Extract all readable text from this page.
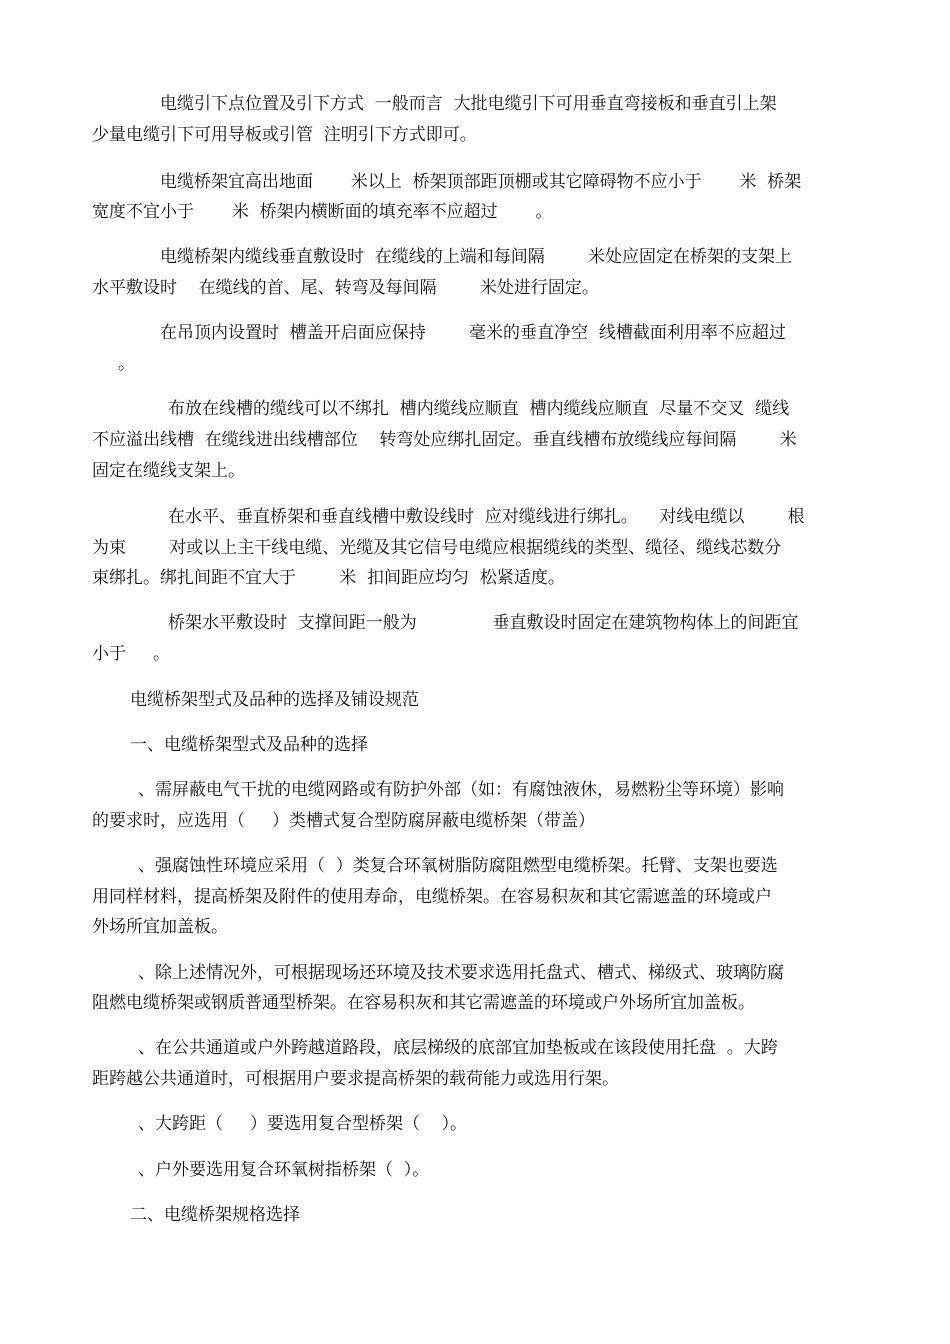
电缆引下点位置及引下方式  一般而言  大批电缆引下可用垂直弯接板和垂直引上架
少量电缆引下可用导板或引管  注明引下方式即可。
电缆桥架宜高出地面       米以上  桥架顶部距顶棚或其它障碍物不应小于       米  桥架
宽度不宜小于       米  桥架内横断面的填充率不应超过       。
电缆桥架内缆线垂直敷设时  在缆线的上端和每间隔        米处应固定在桥架的支架上
水平敷设时    在缆线的首、尾、转弯及每间隔        米处进行固定。
在吊顶内设置时  槽盖开启面应保持        毫米的垂直净空  线槽截面利用率不应超过
。
布放在线槽的缆线可以不绑扎  槽内缆线应顺直  槽内缆线应顺直  尽量不交叉  缆线
不应溢出线槽  在缆线进出线槽部位    转弯处应绑扎固定。垂直线槽布放缆线应每间隔        米
固定在缆线支架上。
在水平、垂直桥架和垂直线槽中敷设线时  应对缆线进行绑扎。    对线电缆以        根
为束        对或以上主干线电缆、光缆及其它信号电缆应根据缆线的类型、缆径、缆线芯数分
束绑扎。绑扎间距不宜大于        米  扣间距应均匀  松紧适度。
桥架水平敷设时  支撑间距一般为              垂直敷设时固定在建筑物构体上的间距宜
小于     。
电缆桥架型式及品种的选择及铺设规范
一、电缆桥架型式及品种的选择
、需屏蔽电气干扰的电缆网路或有防护外部（如：有腐蚀液休，易燃粉尘等环境）影响
的要求时，应选用（     ）类槽式复合型防腐屏蔽电缆桥架（带盖）
、强腐蚀性环境应采用（  ）类复合环氧树脂防腐阻燃型电缆桥架。托臂、支架也要选
用同样材料，提高桥架及附件的使用寿命，电缆桥架。在容易积灰和其它需遮盖的环境或户
外场所宜加盖板。
、除上述情况外，可根据现场还环境及技术要求选用托盘式、槽式、梯级式、玻璃防腐
阻燃电缆桥架或钢质普通型桥架。在容易积灰和其它需遮盖的环境或户外场所宜加盖板。
、在公共通道或户外跨越道路段，底层梯级的底部宜加垫板或在该段使用托盘  。大跨
距跨越公共通道时，可根据用户要求提高桥架的载荷能力或选用行架。
、大跨距（     ）要选用复合型桥架（    ）。
、户外要选用复合环氧树指桥架（  ）。
二、电缆桥架规格选择
